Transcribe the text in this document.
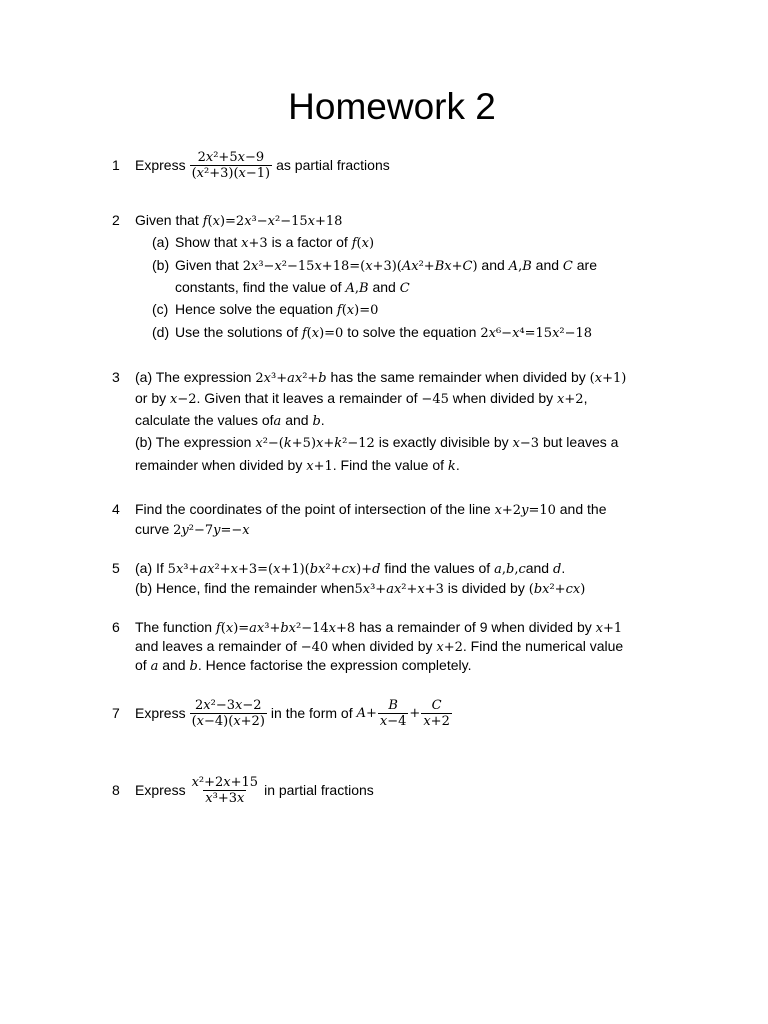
Homework 2
1 Express $\frac{\text{2x²+5x−9}}{\text{(x²+3)(x−1)}}$ as partial fractions
2 Given that f(x)=2x³−x²−15x+18
(a) Show that x+3 is a factor of f(x)
(b) Given that 2x³−x²−15x+18=(x+3)(Ax²+Bx+C) and A,B and C are
constants, find the value of A,B and C
(c) Hence solve the equation f(x)=0
(d) Use the solutions of f(x)=0 to solve the equation 2x⁶−x⁴=15x²−18
3 (a) The expression 2x³+ax²+b has the same remainder when divided by (x+1)
or by x−2. Given that it leaves a remainder of −45 when divided by x+2,
calculate the values ofa and b.
(b) The expression x²−(k+5)x+k²−12 is exactly divisible by x−3 but leaves a
remainder when divided by x+1. Find the value of k.
4 Find the coordinates of the point of intersection of the line x+2y=10 and the
curve 2y²−7y=−x
5 (a) If 5x³+ax²+x+3=(x+1)(bx²+cx)+d find the values of a,b,cand d.
(b) Hence, find the remainder when5x³+ax²+x+3 is divided by (bx²+cx)
6 The function f(x)=ax³+bx²−14x+8 has a remainder of 9 when divided by x+1
and leaves a remainder of −40 when divided by x+2. Find the numerical value
of a and b. Hence factorise the expression completely.
7 Express $\frac{\text{2x²−3x−2}}{(x-4)(x+2)}$ in the form of $A+ \frac{B}{x-4} + \frac{C}{x+2}$
8 Express $\frac{\text{x²+2x+15}}{\text{x³+3x}}$ in partial fractions
